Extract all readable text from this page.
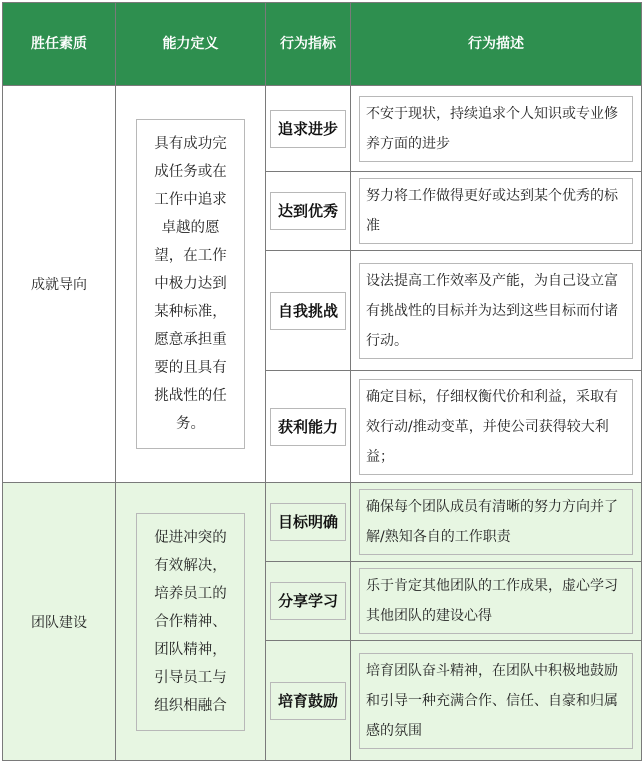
胜任素质	能力定义	行为指标	行为描述
成就导向	具有成功完成任务或在工作中追求卓越的愿望，在工作中极力达到某种标准，愿意承担重要的且具有挑战性的任务。	追求进步	不安于现状，持续追求个人知识或专业修养方面的进步

		达到优秀	努力将工作做得更好或达到某个优秀的标准

		自我挑战	设法提高工作效率及产能，为自己设立富有挑战性的目标并为达到这些目标而付诸行动。

		获利能力	确定目标，仔细权衡代价和利益，采取有效行动/推动变革，并使公司获得较大利益；

团队建设	促进冲突的有效解决，培养员工的合作精神、团队精神，引导员工与组织相融合	目标明确	确保每个团队成员有清晰的努力方向并了解/熟知各自的工作职责

		分享学习	乐于肯定其他团队的工作成果，虚心学习其他团队的建设心得

		培育鼓励	培育团队奋斗精神，在团队中积极地鼓励和引导一种充满合作、信任、自豪和归属感的氛围
